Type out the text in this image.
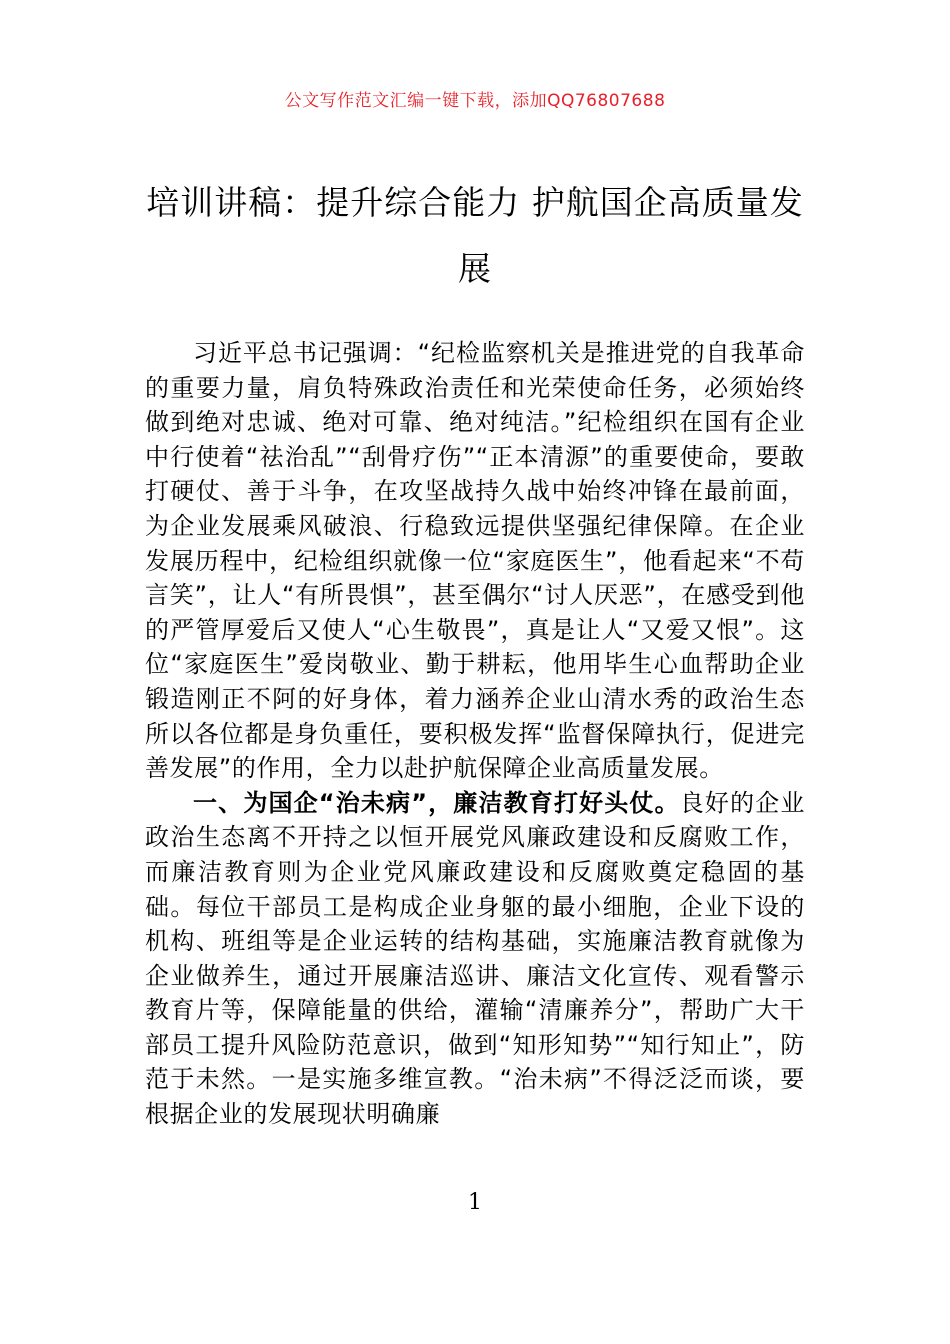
公文写作范文汇编一键下载，添加QQ76807688
培训讲稿：提升综合能力 护航国企高质量发展

习近平总书记强调：“纪检监察机关是推进党的自我革命的重要力量，肩负特殊政治责任和光荣使命任务，必须始终做到绝对忠诚、绝对可靠、绝对纯洁。”纪检组织在国有企业中行使着“祛治乱”“刮骨疗伤”“正本清源”的重要使命，要敢打硬仗、善于斗争，在攻坚战持久战中始终冲锋在最前面，为企业发展乘风破浪、行稳致远提供坚强纪律保障。在企业发展历程中，纪检组织就像一位“家庭医生”，他看起来“不苟言笑”，让人“有所畏惧”，甚至偶尔“讨人厌恶”，在感受到他的严管厚爱后又使人“心生敬畏”，真是让人“又爱又恨”。这位“家庭医生”爱岗敬业、勤于耕耘，他用毕生心血帮助企业锻造刚正不阿的好身体，着力涵养企业山清水秀的政治生态所以各位都是身负重任，要积极发挥“监督保障执行，促进完善发展”的作用，全力以赴护航保障企业高质量发展。

一、为国企“治未病”，廉洁教育打好头仗。良好的企业政治生态离不开持之以恒开展党风廉政建设和反腐败工作，而廉洁教育则为企业党风廉政建设和反腐败奠定稳固的基础。每位干部员工是构成企业身躯的最小细胞，企业下设的机构、班组等是企业运转的结构基础，实施廉洁教育就像为企业做养生，通过开展廉洁巡讲、廉洁文化宣传、观看警示教育片等，保障能量的供给，灌输“清廉养分”，帮助广大干部员工提升风险防范意识，做到“知形知势”“知行知止”，防范于未然。一是实施多维宣教。“治未病”不得泛泛而谈，要根据企业的发展现状明确廉

1
